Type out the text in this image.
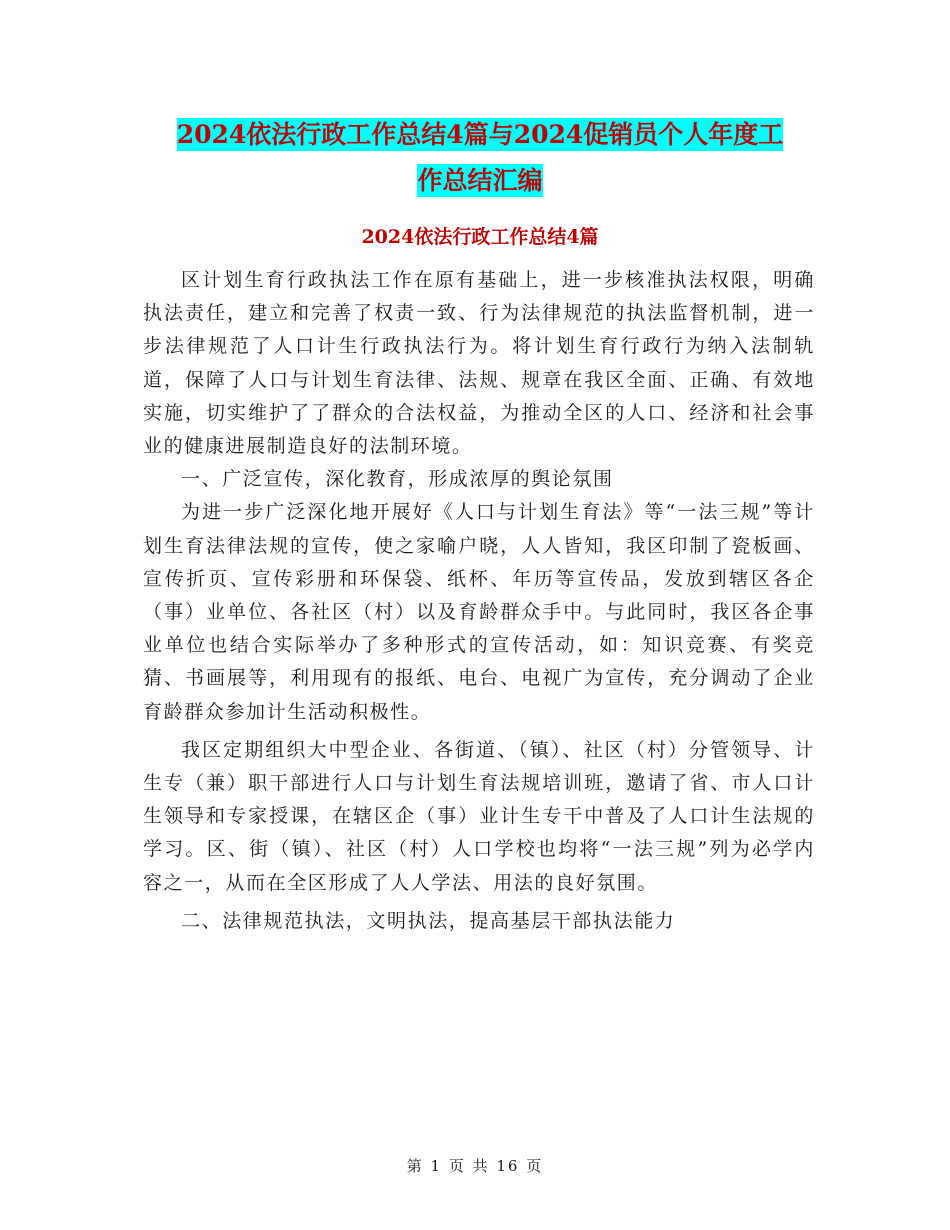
2024依法行政工作总结4篇与2024促销员个人年度工
作总结汇编
2024依法行政工作总结4篇

区计划生育行政执法工作在原有基础上，进一步核准执法权限，明确执法责任，建立和完善了权责一致、行为法律规范的执法监督机制，进一步法律规范了人口计生行政执法行为。将计划生育行政行为纳入法制轨道，保障了人口与计划生育法律、法规、规章在我区全面、正确、有效地实施，切实维护了了群众的合法权益，为推动全区的人口、经济和社会事业的健康进展制造良好的法制环境。

一、广泛宣传，深化教育，形成浓厚的舆论氛围

为进一步广泛深化地开展好《人口与计划生育法》等“一法三规”等计划生育法律法规的宣传，使之家喻户晓，人人皆知，我区印制了瓷板画、宣传折页、宣传彩册和环保袋、纸杯、年历等宣传品，发放到辖区各企（事）业单位、各社区（村）以及育龄群众手中。与此同时，我区各企事业单位也结合实际举办了多种形式的宣传活动，如：知识竞赛、有奖竞猜、书画展等，利用现有的报纸、电台、电视广为宣传，充分调动了企业育龄群众参加计生活动积极性。

我区定期组织大中型企业、各街道、（镇）、社区（村）分管领导、计生专（兼）职干部进行人口与计划生育法规培训班，邀请了省、市人口计生领导和专家授课，在辖区企（事）业计生专干中普及了人口计生法规的学习。区、街（镇）、社区（村）人口学校也均将“一法三规”列为必学内容之一，从而在全区形成了人人学法、用法的良好氛围。

二、法律规范执法，文明执法，提高基层干部执法能力

第 1 页 共 16 页
